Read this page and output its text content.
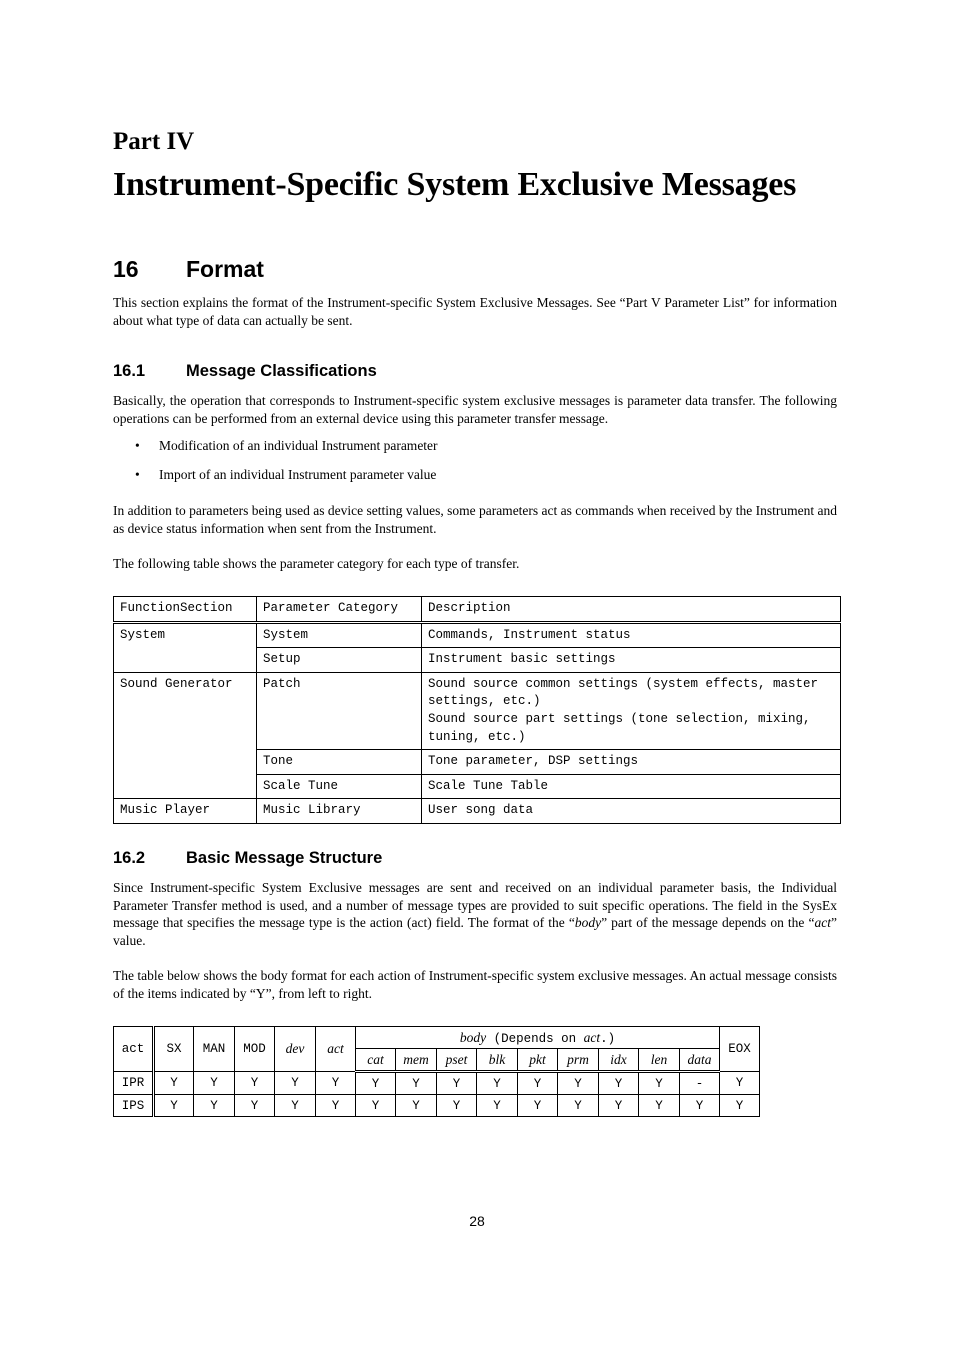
Part IV
Instrument-Specific System Exclusive Messages
16 Format
This section explains the format of the Instrument-specific System Exclusive Messages. See “Part V Parameter List” for information about what type of data can actually be sent.
16.1 Message Classifications
Basically, the operation that corresponds to Instrument-specific system exclusive messages is parameter data transfer. The following operations can be performed from an external device using this parameter transfer message.
• Modification of an individual Instrument parameter
• Import of an individual Instrument parameter value
In addition to parameters being used as device setting values, some parameters act as commands when received by the Instrument and as device status information when sent from the Instrument.
The following table shows the parameter category for each type of transfer.
FunctionSection	Parameter Category	Description
System	System	Commands, Instrument status
	Setup	Instrument basic settings
Sound Generator	Patch	Sound source common settings (system effects, master settings, etc.)
Sound source part settings (tone selection, mixing, tuning, etc.)

	Tone	Tone parameter, DSP settings
	Scale Tune	Scale Tune Table
Music Player	Music Library	User song data
16.2 Basic Message Structure
Since Instrument-specific System Exclusive messages are sent and received on an individual parameter basis, the Individual Parameter Transfer method is used, and a number of message types are provided to suit specific operations. The field in the SysEx message that specifies the message type is the action (act) field. The format of the “body” part of the message depends on the “act” value.
The table below shows the body format for each action of Instrument-specific system exclusive messages. An actual message consists of the items indicated by “Y”, from left to right.
act	SX	MAN	MOD	dev	act	body (Depends on act.)									EOX
						cat	mem	pset	blk	pkt	prm	idx	len	data	
IPR	Y	Y	Y	Y	Y	Y	Y	Y	Y	Y	Y	Y	Y	-	Y
IPS	Y	Y	Y	Y	Y	Y	Y	Y	Y	Y	Y	Y	Y	Y	Y
28
